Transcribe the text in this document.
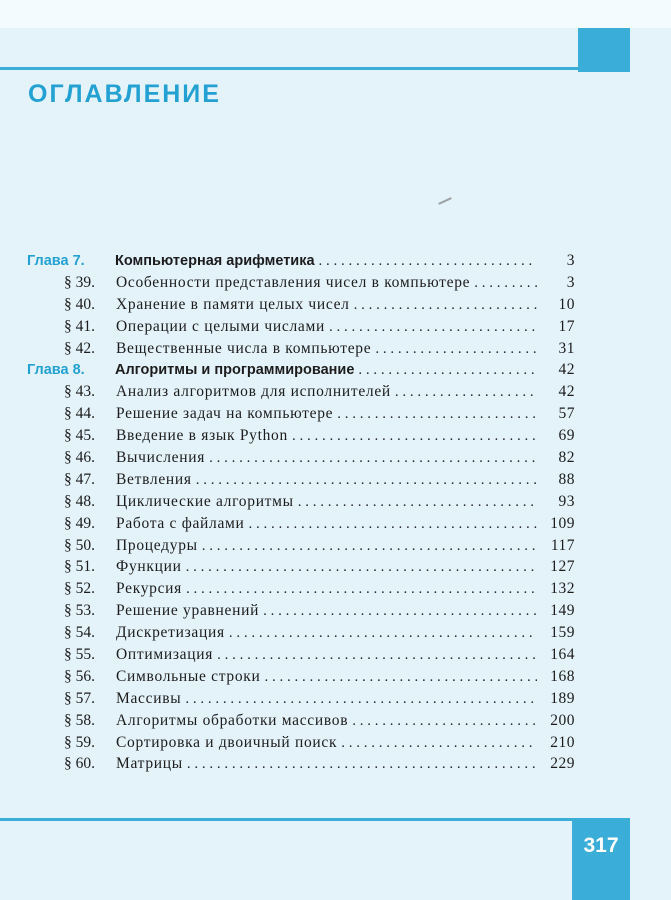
ОГЛАВЛЕНИЕ
Глава 7.	Компьютерная арифметика . . .	3
§ 39.	Особенности представления чисел в компьютере . . .	3
§ 40.	Хранение в памяти целых чисел . . .	10
§ 41.	Операции с целыми числами . . .	17
§ 42.	Вещественные числа в компьютере . . .	31
Глава 8.	Алгоритмы и программирование . . .	42
§ 43.	Анализ алгоритмов для исполнителей . . .	42
§ 44.	Решение задач на компьютере . . .	57
§ 45.	Введение в язык Python . . .	69
§ 46.	Вычисления . . .	82
§ 47.	Ветвления . . .	88
§ 48.	Циклические алгоритмы . . .	93
§ 49.	Работа с файлами . . .	109
§ 50.	Процедуры . . .	117
§ 51.	Функции . . .	127
§ 52.	Рекурсия . . .	132
§ 53.	Решение уравнений . . .	149
§ 54.	Дискретизация . . .	159
§ 55.	Оптимизация . . .	164
§ 56.	Символьные строки . . .	168
§ 57.	Массивы . . .	189
§ 58.	Алгоритмы обработки массивов . . .	200
§ 59.	Сортировка и двоичный поиск . . .	210
§ 60.	Матрицы . . .	229
317
